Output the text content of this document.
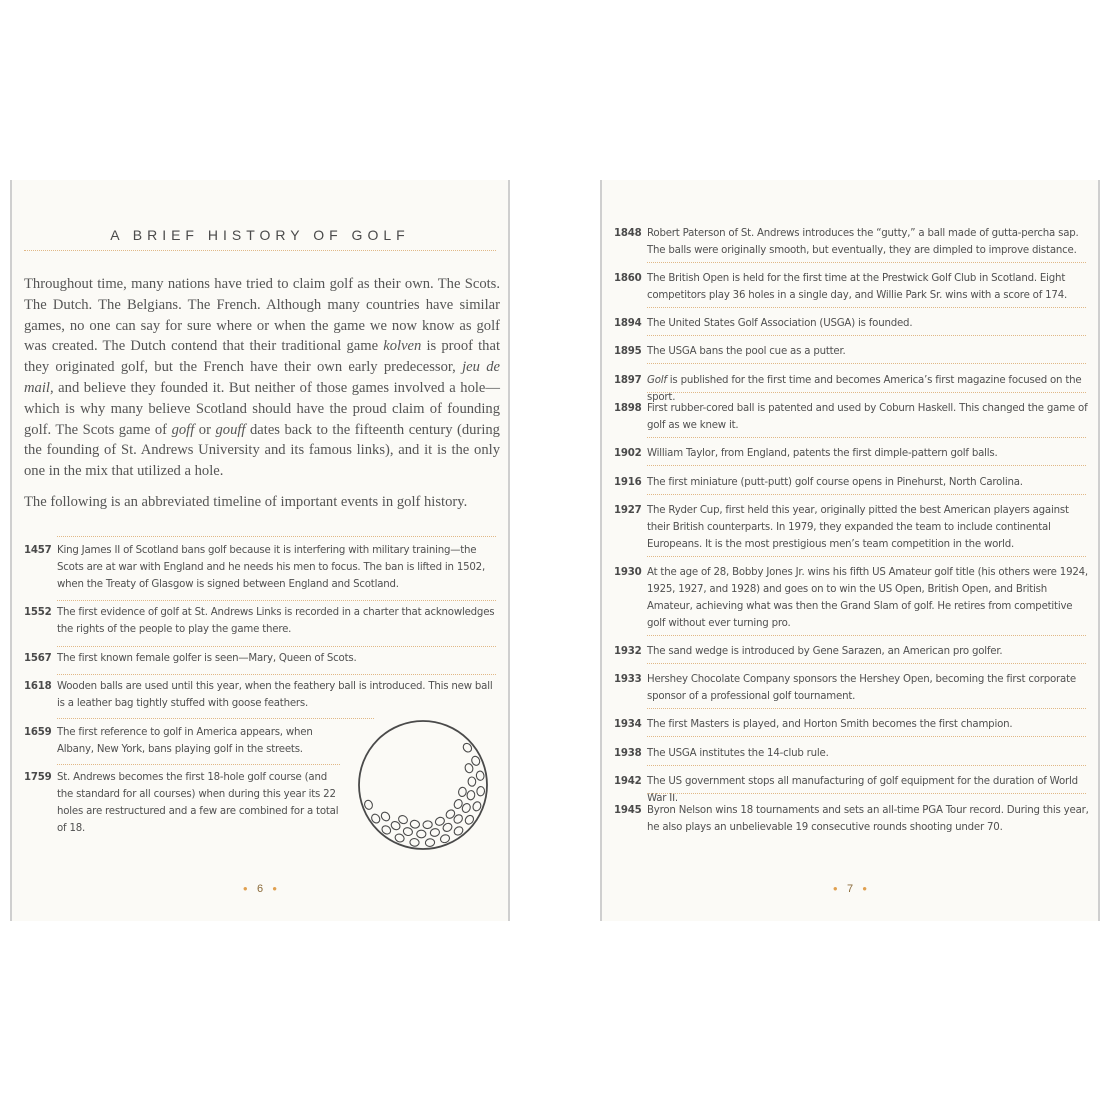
A BRIEF HISTORY OF GOLF

Throughout time, many nations have tried to claim golf as their own. The Scots. The Dutch. The Belgians. The French. Although many countries have similar games, no one can say for sure where or when the game we now know as golf was created. The Dutch contend that their traditional game kolven is proof that they originated golf, but the French have their own early predecessor, jeu de mail, and believe they founded it. But neither of those games involved a hole—which is why many believe Scotland should have the proud claim of founding golf. The Scots game of goff or gouff dates back to the fifteenth century (during the founding of St. Andrews University and its famous links), and it is the only one in the mix that utilized a hole.

The following is an abbreviated timeline of important events in golf history.

1457 King James II of Scotland bans golf because it is interfering with military training—the Scots are at war with England and he needs his men to focus. The ban is lifted in 1502, when the Treaty of Glasgow is signed between England and Scotland.
1552 The first evidence of golf at St. Andrews Links is recorded in a charter that acknowledges the rights of the people to play the game there.
1567 The first known female golfer is seen—Mary, Queen of Scots.
1618 Wooden balls are used until this year, when the feathery ball is introduced. This new ball is a leather bag tightly stuffed with goose feathers.
1659 The first reference to golf in America appears, when Albany, New York, bans playing golf in the streets.
1759 St. Andrews becomes the first 18-hole golf course (and the standard for all courses) when during this year its 22 holes are restructured and a few are combined for a total of 18.
● 6 ●
1848 Robert Paterson of St. Andrews introduces the “gutty,” a ball made of gutta-percha sap. The balls were originally smooth, but eventually, they are dimpled to improve distance.
1860 The British Open is held for the first time at the Prestwick Golf Club in Scotland. Eight competitors play 36 holes in a single day, and Willie Park Sr. wins with a score of 174.
1894 The United States Golf Association (USGA) is founded.
1895 The USGA bans the pool cue as a putter.
1897 Golf is published for the first time and becomes America’s first magazine focused on the sport.
1898 First rubber-cored ball is patented and used by Coburn Haskell. This changed the game of golf as we knew it.
1902 William Taylor, from England, patents the first dimple-pattern golf balls.
1916 The first miniature (putt-putt) golf course opens in Pinehurst, North Carolina.
1927 The Ryder Cup, first held this year, originally pitted the best American players against their British counterparts. In 1979, they expanded the team to include continental Europeans. It is the most prestigious men’s team competition in the world.
1930 At the age of 28, Bobby Jones Jr. wins his fifth US Amateur golf title (his others were 1924, 1925, 1927, and 1928) and goes on to win the US Open, British Open, and British Amateur, achieving what was then the Grand Slam of golf. He retires from competitive golf without ever turning pro.
1932 The sand wedge is introduced by Gene Sarazen, an American pro golfer.
1933 Hershey Chocolate Company sponsors the Hershey Open, becoming the first corporate sponsor of a professional golf tournament.
1934 The first Masters is played, and Horton Smith becomes the first champion.
1938 The USGA institutes the 14-club rule.
1942 The US government stops all manufacturing of golf equipment for the duration of World War II.
1945 Byron Nelson wins 18 tournaments and sets an all-time PGA Tour record. During this year, he also plays an unbelievable 19 consecutive rounds shooting under 70.
● 7 ●
